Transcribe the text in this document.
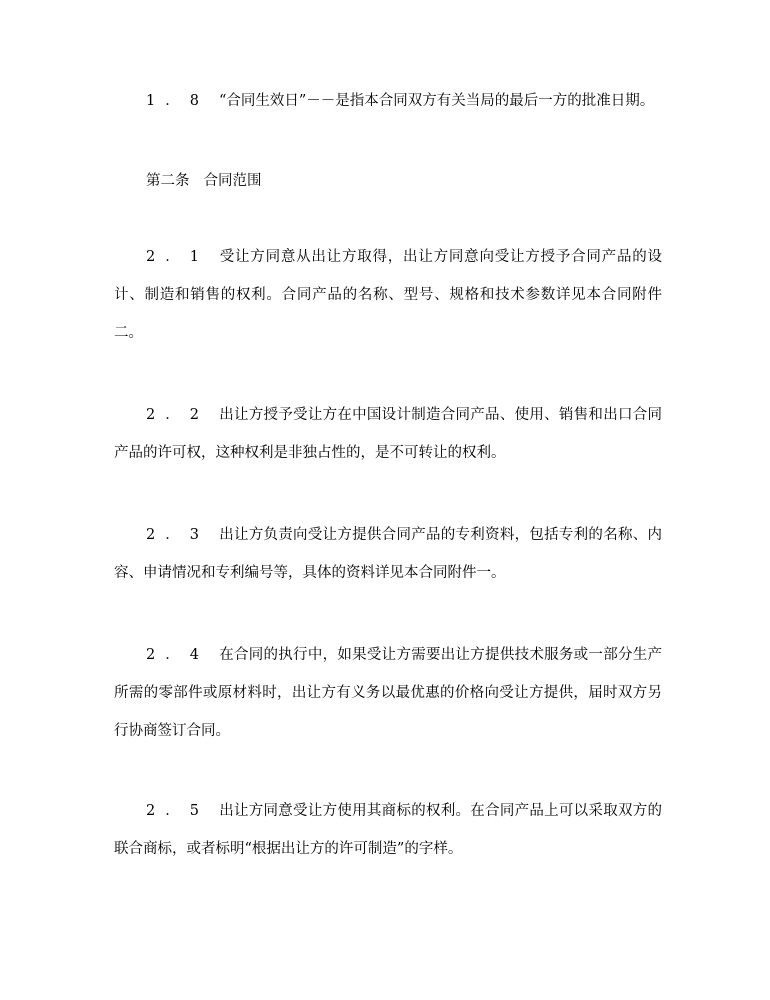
1．8 “合同生效日”－－是指本合同双方有关当局的最后一方的批准日期。

第二条 合同范围

2．1 受让方同意从出让方取得，出让方同意向受让方授予合同产品的设计、制造和销售的权利。合同产品的名称、型号、规格和技术参数详见本合同附件二。

2．2 出让方授予受让方在中国设计制造合同产品、使用、销售和出口合同产品的许可权，这种权利是非独占性的，是不可转让的权利。

2．3 出让方负责向受让方提供合同产品的专利资料，包括专利的名称、内容、申请情况和专利编号等，具体的资料详见本合同附件一。

2．4 在合同的执行中，如果受让方需要出让方提供技术服务或一部分生产所需的零部件或原材料时，出让方有义务以最优惠的价格向受让方提供，届时双方另行协商签订合同。

2．5 出让方同意受让方使用其商标的权利。在合同产品上可以采取双方的联合商标，或者标明“根据出让方的许可制造”的字样。
